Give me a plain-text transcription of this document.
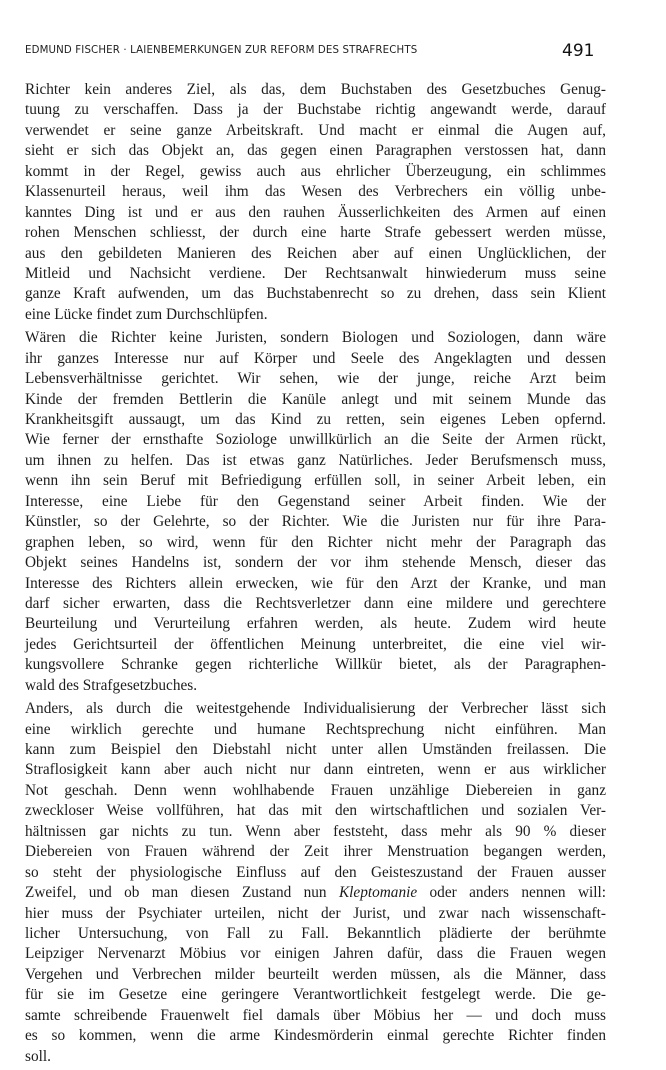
EDMUND FISCHER · LAIENBEMERKUNGEN ZUR REFORM DES STRAFRECHTS	491
Richter kein anderes Ziel, als das, dem Buchstaben des Gesetzbuches Genug-
tuung zu verschaffen. Dass ja der Buchstabe richtig angewandt werde, darauf
verwendet er seine ganze Arbeitskraft. Und macht er einmal die Augen auf,
sieht er sich das Objekt an, das gegen einen Paragraphen verstossen hat, dann
kommt in der Regel, gewiss auch aus ehrlicher Überzeugung, ein schlimmes
Klassenurteil heraus, weil ihm das Wesen des Verbrechers ein völlig unbe-
kanntes Ding ist und er aus den rauhen Äusserlichkeiten des Armen auf einen
rohen Menschen schliesst, der durch eine harte Strafe gebessert werden müsse,
aus den gebildeten Manieren des Reichen aber auf einen Unglücklichen, der
Mitleid und Nachsicht verdiene. Der Rechtsanwalt hinwiederum muss seine
ganze Kraft aufwenden, um das Buchstabenrecht so zu drehen, dass sein Klient
eine Lücke findet zum Durchschlüpfen.
Wären die Richter keine Juristen, sondern Biologen und Soziologen, dann wäre
ihr ganzes Interesse nur auf Körper und Seele des Angeklagten und dessen
Lebensverhältnisse gerichtet. Wir sehen, wie der junge, reiche Arzt beim
Kinde der fremden Bettlerin die Kanüle anlegt und mit seinem Munde das
Krankheitsgift aussaugt, um das Kind zu retten, sein eigenes Leben opfernd.
Wie ferner der ernsthafte Soziologe unwillkürlich an die Seite der Armen rückt,
um ihnen zu helfen. Das ist etwas ganz Natürliches. Jeder Berufsmensch muss,
wenn ihn sein Beruf mit Befriedigung erfüllen soll, in seiner Arbeit leben, ein
Interesse, eine Liebe für den Gegenstand seiner Arbeit finden. Wie der
Künstler, so der Gelehrte, so der Richter. Wie die Juristen nur für ihre Para-
graphen leben, so wird, wenn für den Richter nicht mehr der Paragraph das
Objekt seines Handelns ist, sondern der vor ihm stehende Mensch, dieser das
Interesse des Richters allein erwecken, wie für den Arzt der Kranke, und man
darf sicher erwarten, dass die Rechtsverletzer dann eine mildere und gerechtere
Beurteilung und Verurteilung erfahren werden, als heute. Zudem wird heute
jedes Gerichtsurteil der öffentlichen Meinung unterbreitet, die eine viel wir-
kungsvollere Schranke gegen richterliche Willkür bietet, als der Paragraphen-
wald des Strafgesetzbuches.
Anders, als durch die weitestgehende Individualisierung der Verbrecher lässt sich
eine wirklich gerechte und humane Rechtsprechung nicht einführen. Man
kann zum Beispiel den Diebstahl nicht unter allen Umständen freilassen. Die
Straflosigkeit kann aber auch nicht nur dann eintreten, wenn er aus wirklicher
Not geschah. Denn wenn wohlhabende Frauen unzählige Diebereien in ganz
zweckloser Weise vollführen, hat das mit den wirtschaftlichen und sozialen Ver-
hältnissen gar nichts zu tun. Wenn aber feststeht, dass mehr als 90 % dieser
Diebereien von Frauen während der Zeit ihrer Menstruation begangen werden,
so steht der physiologische Einfluss auf den Geisteszustand der Frauen ausser
Zweifel, und ob man diesen Zustand nun Kleptomanie oder anders nennen will:
hier muss der Psychiater urteilen, nicht der Jurist, und zwar nach wissenschaft-
licher Untersuchung, von Fall zu Fall. Bekanntlich plädierte der berühmte
Leipziger Nervenarzt Möbius vor einigen Jahren dafür, dass die Frauen wegen
Vergehen und Verbrechen milder beurteilt werden müssen, als die Männer, dass
für sie im Gesetze eine geringere Verantwortlichkeit festgelegt werde. Die ge-
samte schreibende Frauenwelt fiel damals über Möbius her — und doch muss
es so kommen, wenn die arme Kindesmörderin einmal gerechte Richter finden
soll.
